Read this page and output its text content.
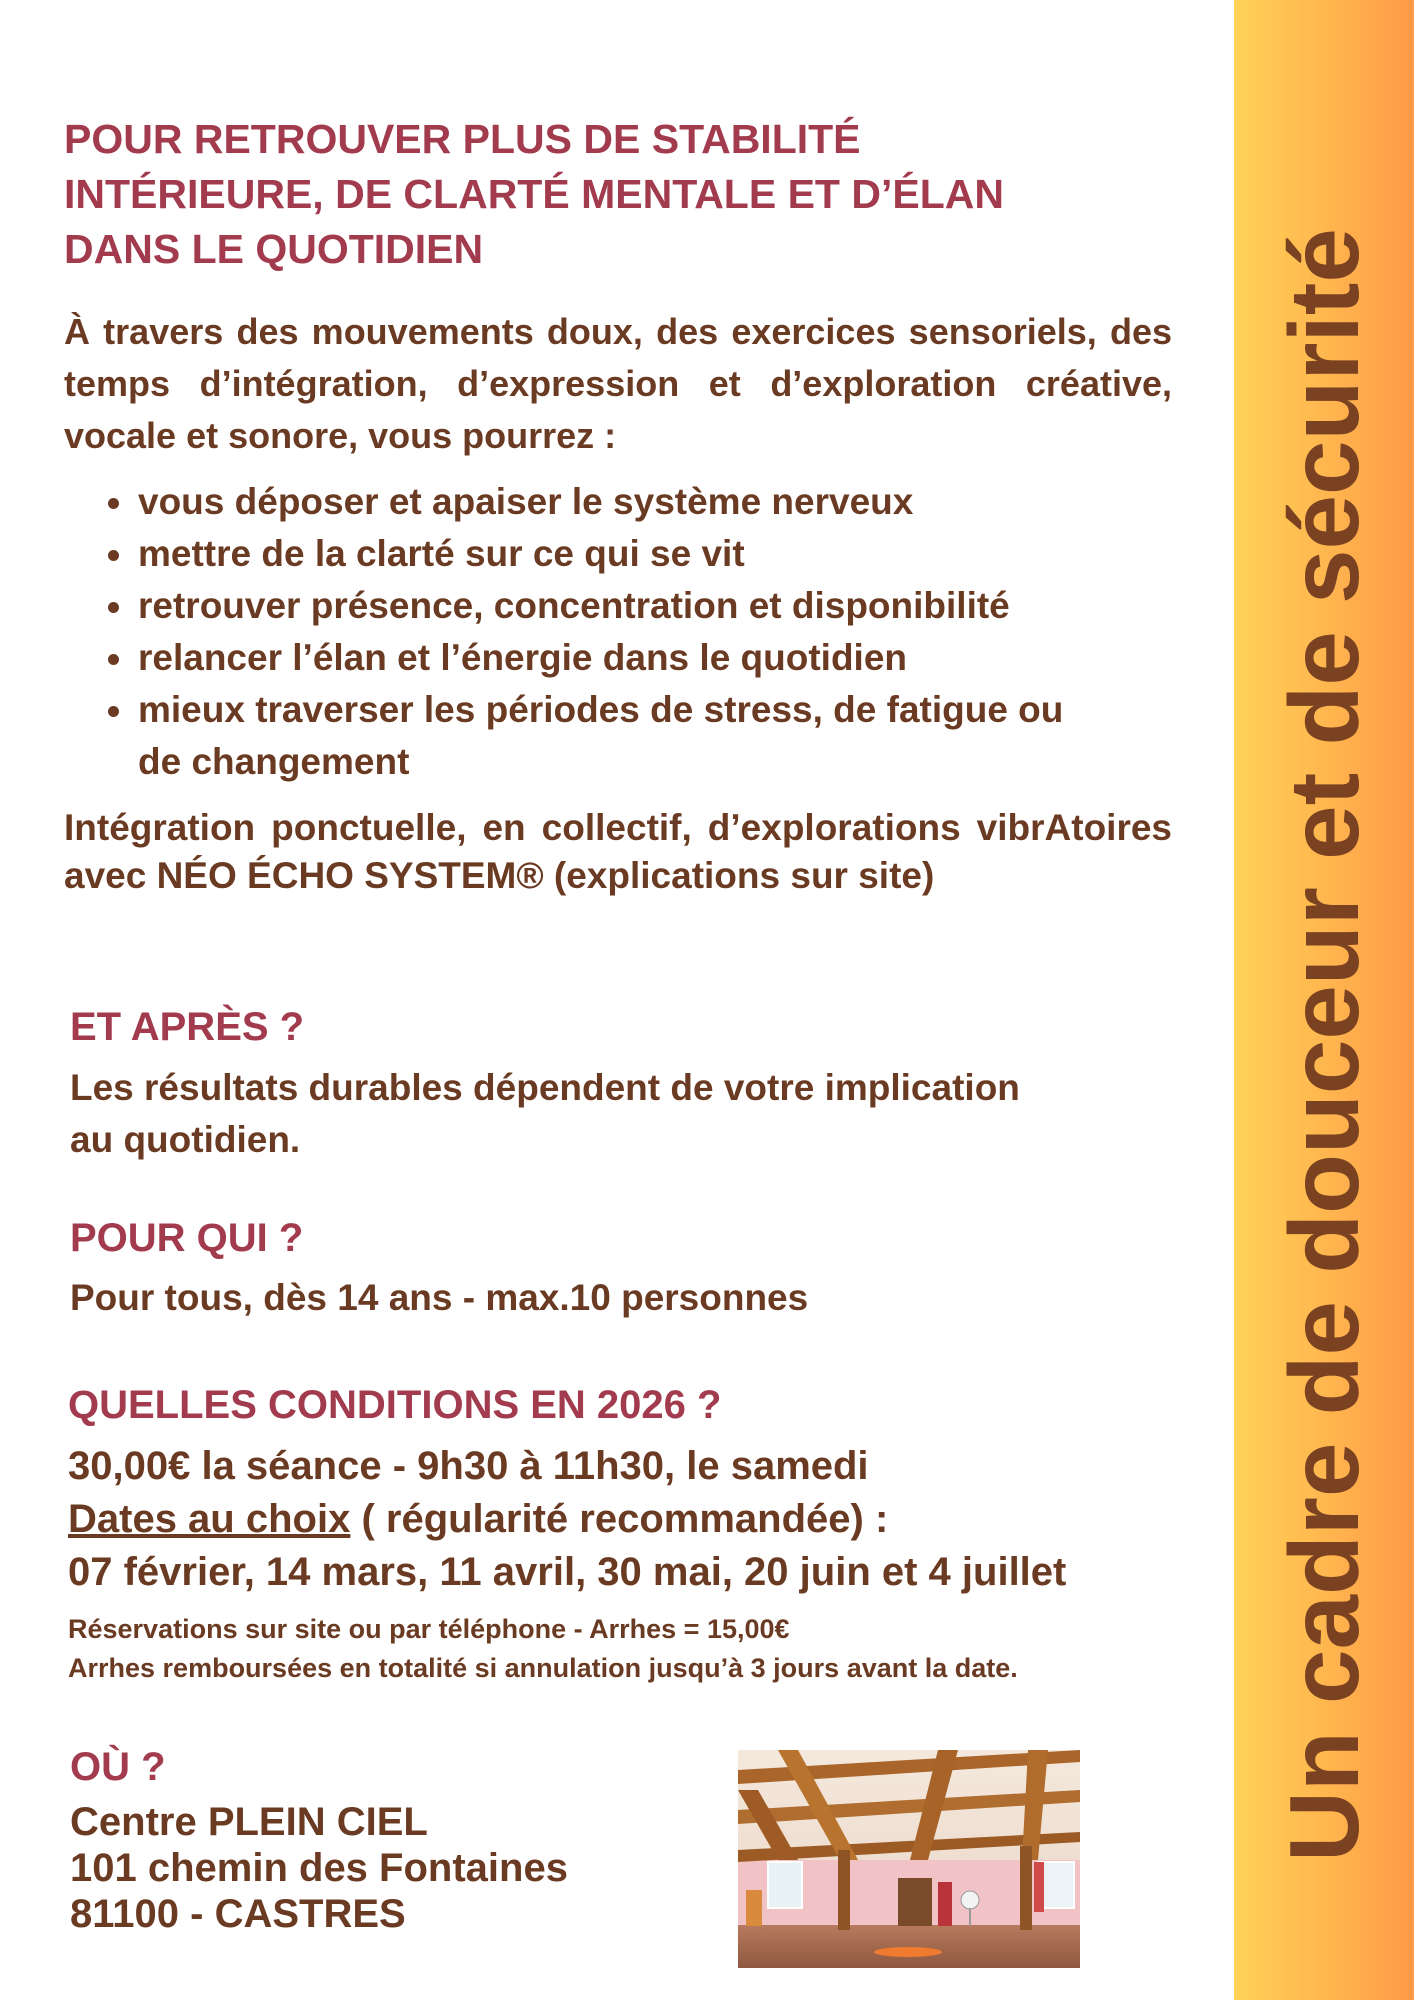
POUR RETROUVER PLUS DE STABILITÉ
INTÉRIEURE, DE CLARTÉ MENTALE ET D’ÉLAN
DANS LE QUOTIDIEN

À travers des mouvements doux, des exercices sensoriels, des temps d’intégration, d’expression et d’exploration créative, vocale et sonore, vous pourrez :

vous déposer et apaiser le système nerveux
mettre de la clarté sur ce qui se vit
retrouver présence, concentration et disponibilité
relancer l’élan et l’énergie dans le quotidien
mieux traverser les périodes de stress, de fatigue ou de changement

Intégration ponctuelle, en collectif, d’explorations vibrAtoires avec NÉO ÉCHO SYSTEM® (explications sur site)

ET APRÈS ?

Les résultats durables dépendent de votre implication
au quotidien.

POUR QUI ?

Pour tous, dès 14 ans - max.10 personnes

QUELLES CONDITIONS EN 2026 ?

30,00€ la séance - 9h30 à 11h30, le samedi
Dates au choix ( régularité recommandée) :
07 février, 14 mars, 11 avril, 30 mai, 20 juin et 4 juillet

Réservations sur site ou par téléphone - Arrhes = 15,00€
Arrhes remboursées en totalité si annulation jusqu’à 3 jours avant la date.

OÙ ?

Centre PLEIN CIEL
101 chemin des Fontaines
81100 - CASTRES

Un cadre de douceur et de sécurité
